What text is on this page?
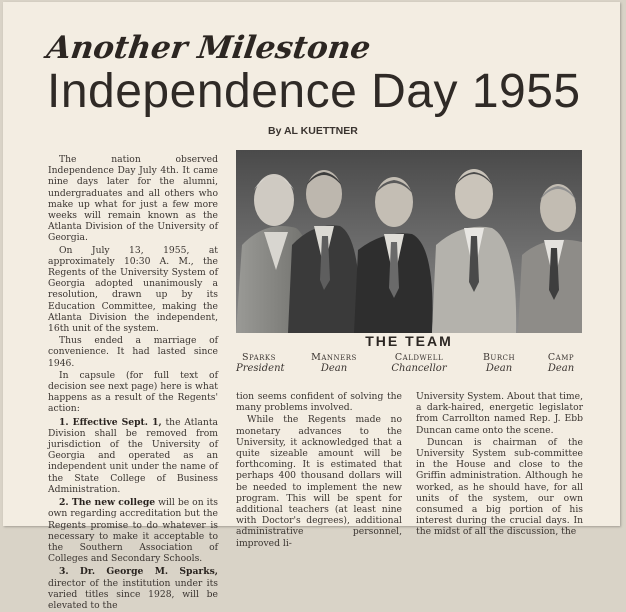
Another Milestone
Independence Day 1955
By AL KUETTNER

The nation observed Independence Day July 4th. It came nine days later for the alumni, undergraduates and all others who make up what for just a few more weeks will remain known as the Atlanta Division of the University of Georgia.

On July 13, 1955, at approximately 10:30 A. M., the Regents of the University System of Georgia adopted unanimously a resolution, drawn up by its Education Committee, making the Atlanta Division the independent, 16th unit of the system.

Thus ended a marriage of convenience. It had lasted since 1946.

In capsule (for full text of decision see next page) here is what happens as a result of the Regents' action:

1. Effective Sept. 1, the Atlanta Division shall be removed from jurisdiction of the University of Georgia and operated as an independent unit under the name of the State College of Business Administration.

2. The new college will be on its own regarding accreditation but the Regents promise to do whatever is necessary to make it acceptable to the Southern Association of Colleges and Secondary Schools.

3. Dr. George M. Sparks, director of the institution under its varied titles since 1928, will be elevated to the

THE TEAM
Sparks
President
Manners
Dean
Caldwell
Chancellor
Burch
Dean
Camp
Dean

tion seems confident of solving the many problems involved.

While the Regents made no monetary advances to the University, it acknowledged that a quite sizeable amount will be forthcoming. It is estimated that perhaps 400 thousand dollars will be needed to implement the new program. This will be spent for additional teachers (at least nine with Doctor's degrees), additional administrative personnel, improved li-

University System. About that time, a dark-haired, energetic legislator from Carrollton named Rep. J. Ebb Duncan came onto the scene.

Duncan is chairman of the University System sub-committee in the House and close to the Griffin administration. Although he worked, as he should have, for all units of the system, our own consumed a big portion of his interest during the crucial days. In the midst of all the discussion, the
